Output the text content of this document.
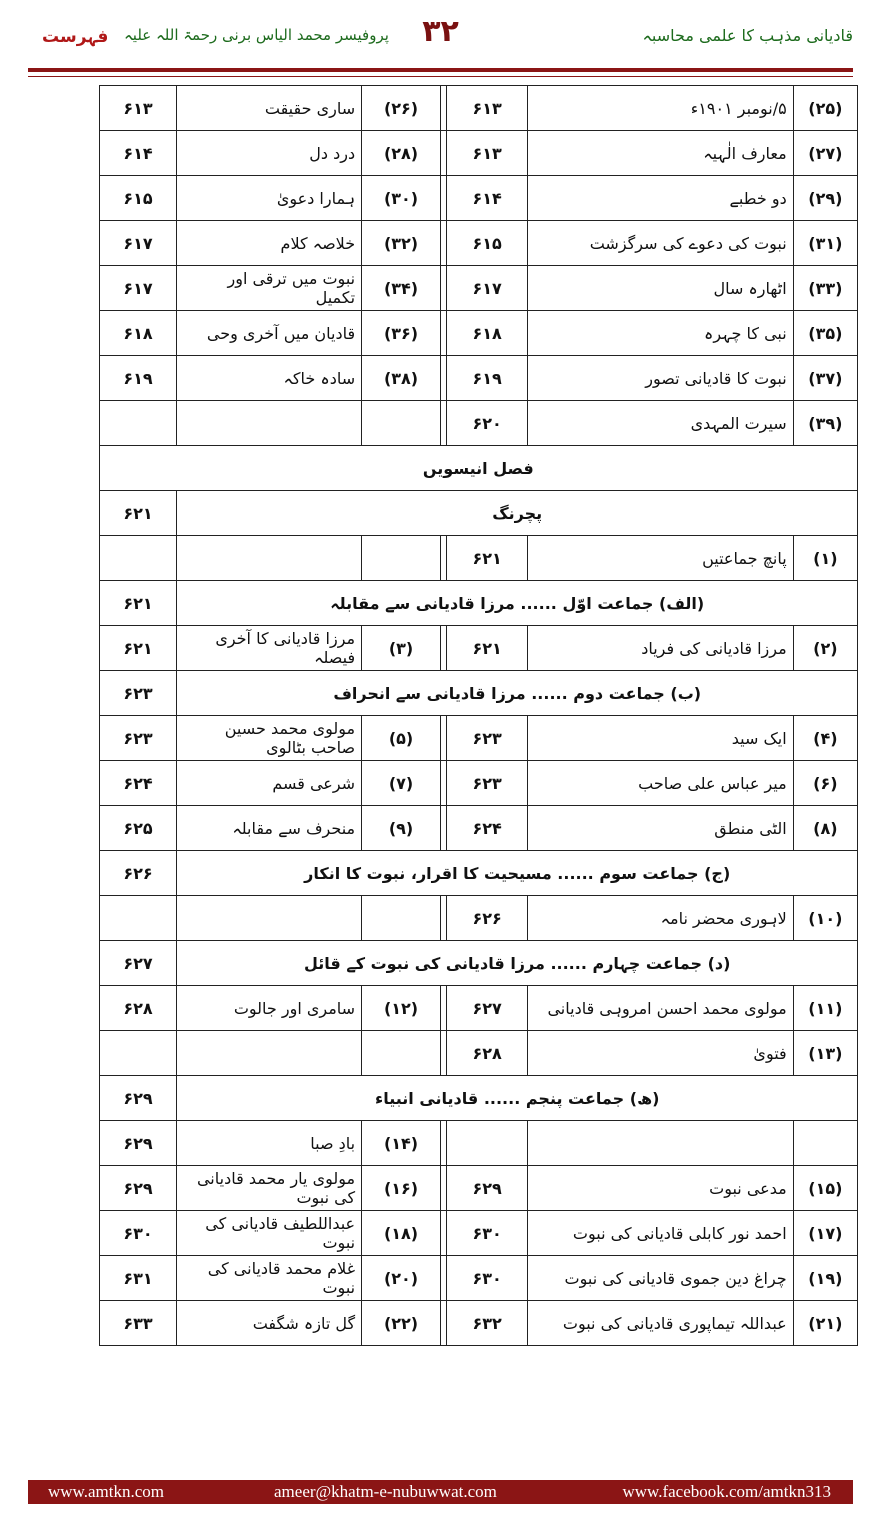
فہرست پروفیسر محمد الیاس برنی رحمۃ اللہ علیہ	۳۲	قادیانی مذہب کا علمی محاسبہ
(۲۵)	۵/نومبر ۱۹۰۱ء	۶۱۳		(۲۶)	ساری حقیقت	۶۱۳
(۲۷)	معارف الٰہیہ	۶۱۳		(۲۸)	درد دل	۶۱۴
(۲۹)	دو خطبے	۶۱۴		(۳۰)	ہمارا دعویٰ	۶۱۵
(۳۱)	نبوت کی دعوے کی سرگزشت	۶۱۵		(۳۲)	خلاصہ کلام	۶۱۷
(۳۳)	اٹھارہ سال	۶۱۷		(۳۴)	نبوت میں ترقی اور تکمیل	۶۱۷
(۳۵)	نبی کا چہرہ	۶۱۸		(۳۶)	قادیان میں آخری وحی	۶۱۸
(۳۷)	نبوت کا قادیانی تصور	۶۱۹		(۳۸)	سادہ خاکہ	۶۱۹
(۳۹)	سیرت المہدی	۶۲۰				
فصل انیسویں						
پچرنگ						۶۲۱
(۱)	پانچ جماعتیں	۶۲۱				
(الف) جماعت اوّل ...... مرزا قادیانی سے مقابلہ						۶۲۱
(۲)	مرزا قادیانی کی فریاد	۶۲۱		(۳)	مرزا قادیانی کا آخری فیصلہ	۶۲۱
(ب) جماعت دوم ...... مرزا قادیانی سے انحراف						۶۲۳
(۴)	ایک سید	۶۲۳		(۵)	مولوی محمد حسین صاحب بٹالوی	۶۲۳
(۶)	میر عباس علی صاحب	۶۲۳		(۷)	شرعی قسم	۶۲۴
(۸)	الٹی منطق	۶۲۴		(۹)	منحرف سے مقابلہ	۶۲۵
(ج) جماعت سوم ...... مسیحیت کا اقرار، نبوت کا انکار						۶۲۶
(۱۰)	لاہوری محضر نامہ	۶۲۶				
(د) جماعت چہارم ...... مرزا قادیانی کی نبوت کے قائل						۶۲۷
(۱۱)	مولوی محمد احسن امروہی قادیانی	۶۲۷		(۱۲)	سامری اور جالوت	۶۲۸
(۱۳)	فتویٰ	۶۲۸				
(ھ) جماعت پنجم ...... قادیانی انبیاء						۶۲۹
				(۱۴)	بادِ صبا	۶۲۹
(۱۵)	مدعی نبوت	۶۲۹		(۱۶)	مولوی یار محمد قادیانی کی نبوت	۶۲۹
(۱۷)	احمد نور کابلی قادیانی کی نبوت	۶۳۰		(۱۸)	عبداللطیف قادیانی کی نبوت	۶۳۰
(۱۹)	چراغ دین جموی قادیانی کی نبوت	۶۳۰		(۲۰)	غلام محمد قادیانی کی نبوت	۶۳۱
(۲۱)	عبداللہ تیماپوری قادیانی کی نبوت	۶۳۲		(۲۲)	گل تازہ شگفت	۶۳۳
www.amtkn.com	ameer@khatm-e-nubuwwat.com	www.facebook.com/amtkn313
